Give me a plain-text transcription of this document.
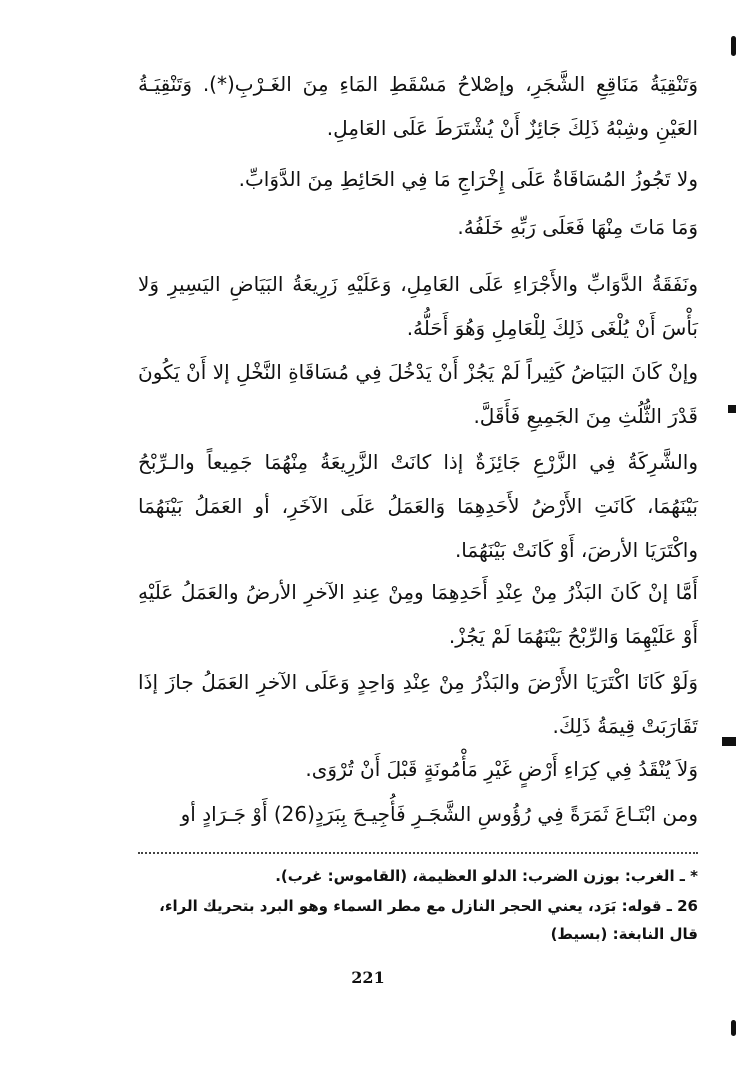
وَتَنْقِيَةُ مَنَاقِعِ الشَّجَرِ، وإصْلاحُ مَسْقَطِ المَاءِ مِنَ الغَـرْبِ(*). وَتَنْقِيَـةُ العَيْنِ وشِبْهُ ذَلِكَ جَائِزٌ أَنْ يُشْتَرَطَ عَلَى العَامِلِ.

ولا تَجُوزُ المُسَاقَاةُ عَلَى إِخْرَاجِ مَا فِي الحَائِطِ مِنَ الدَّوَابِّ.

وَمَا مَاتَ مِنْهَا فَعَلَى رَبِّهِ خَلَفُهُ.

ونَفَقَةُ الدَّوَابِّ والأَجْرَاءِ عَلَى العَامِلِ، وَعَلَيْهِ زَرِيعَةُ البَيَاضِ اليَسِيرِ وَلا بَأْسَ أَنْ يُلْغَى ذَلِكَ لِلْعَامِلِ وَهُوَ أَحَلُّهُ.

وإنْ كَانَ البَيَاضُ كَثِيراً لَمْ يَجُزْ أَنْ يَدْخُلَ فِي مُسَاقَاةِ النَّخْلِ إلا أَنْ يَكُونَ قَدْرَ الثُّلُثِ مِنَ الجَمِيعِ فَأَقَلَّ.

والشَّرِكَةُ فِي الزَّرْعِ جَائِزَةٌ إذا كانَتْ الزَّرِيعَةُ مِنْهُمَا جَمِيعاً والـرِّبْحُ بَيْنَهُمَا، كَانَتِ الأَرْضُ لأَحَدِهِمَا وَالعَمَلُ عَلَى الآخَرِ، أو العَمَلُ بَيْنَهُمَا واكْتَرَيَا الأرضَ، أَوْ كَانَتْ بَيْنَهُمَا.

أَمَّا إنْ كَانَ البَذْرُ مِنْ عِنْدِ أَحَدِهِمَا ومِنْ عِندِ الآخرِ الأرضُ والعَمَلُ عَلَيْهِ أَوْ عَلَيْهِمَا وَالرِّبْحُ بَيْنَهُمَا لَمْ يَجُزْ.

وَلَوْ كَانَا اكْتَرَيَا الأَرْضَ والبَذْرُ مِنْ عِنْدِ وَاحِدٍ وَعَلَى الآخرِ العَمَلُ جازَ إذَا تَقَارَبَتْ قِيمَةُ ذَلِكَ.

وَلاَ يُنْقَدُ فِي كِرَاءِ أَرْضٍ غَيْرِ مَأْمُونَةٍ قَبْلَ أَنْ تُرْوَى.

ومن ابْتَـاعَ ثَمَرَةً فِي رُؤُوسِ الشَّجَـرِ فَأُجِيـحَ بِبَرَدٍ(26) أَوْ جَـرَادٍ أو

* ـ الغرب: بوزن الضرب: الدلو العظيمة، (القاموس: غرب).

26 ـ قوله: بَرَد، يعني الحجر النازل مع مطر السماء وهو البرد بتحريك الراء، قال النابغة: (بسيط)

221
